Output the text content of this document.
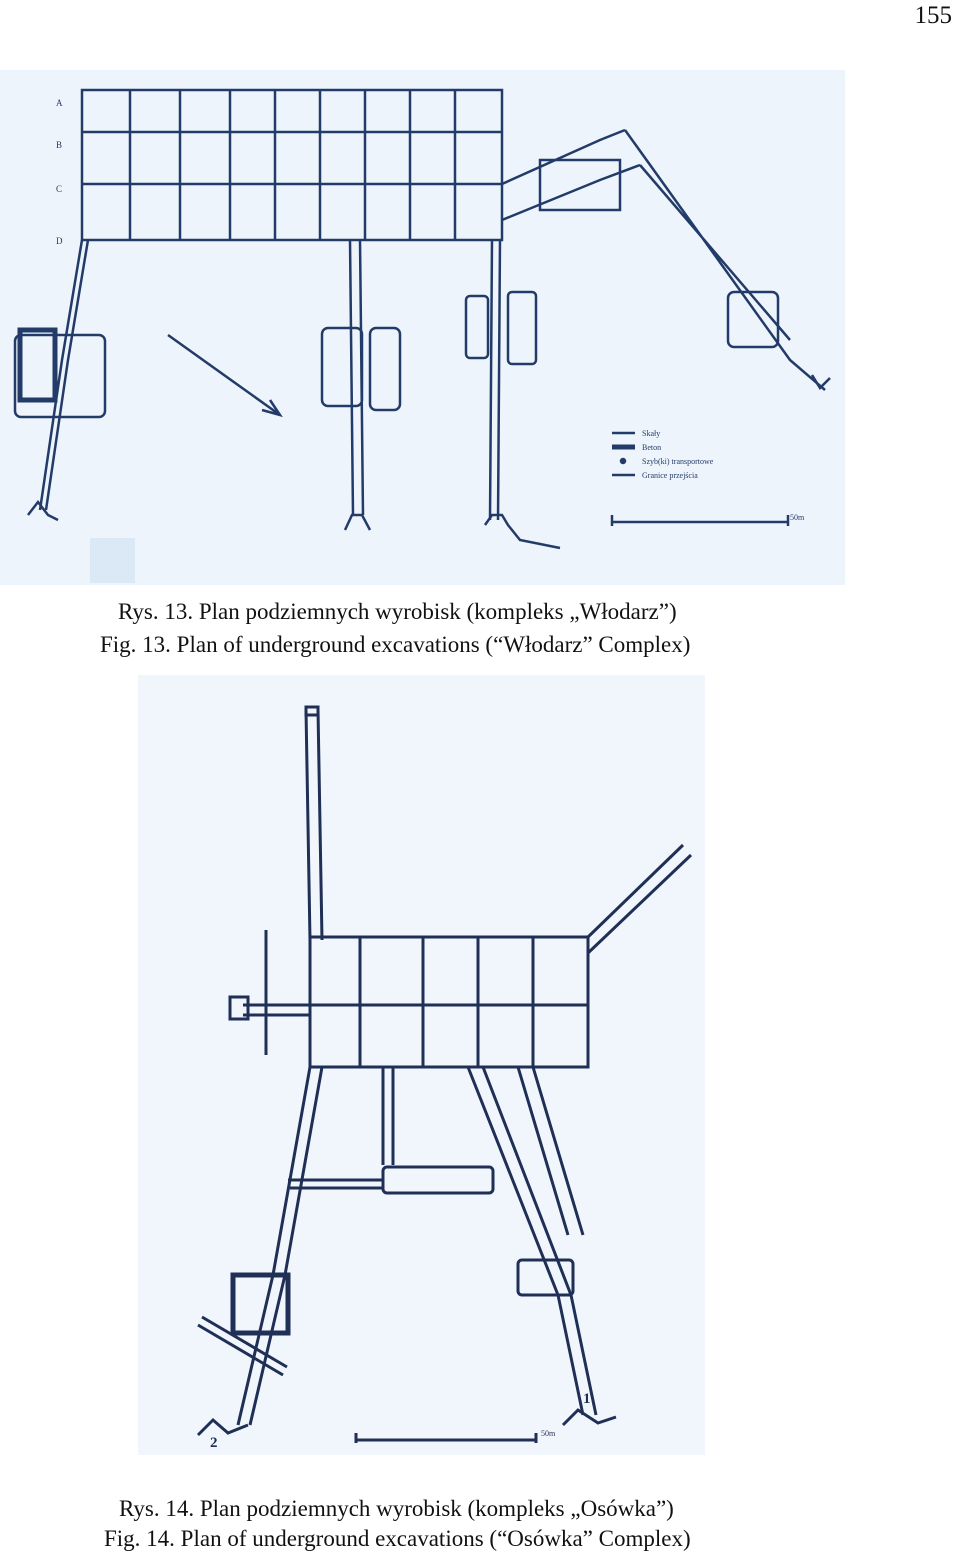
155
A
B
C
D
Skały
Beton
Szyb(ki) transportowe
Granice przejścia
50m
Rys. 13. Plan podziemnych wyrobisk (kompleks „Włodarz”)
Fig. 13. Plan of underground excavations (“Włodarz” Complex)
1
2
50m
Rys. 14. Plan podziemnych wyrobisk (kompleks „Osówka”)
Fig. 14. Plan of underground excavations (“Osówka” Complex)
